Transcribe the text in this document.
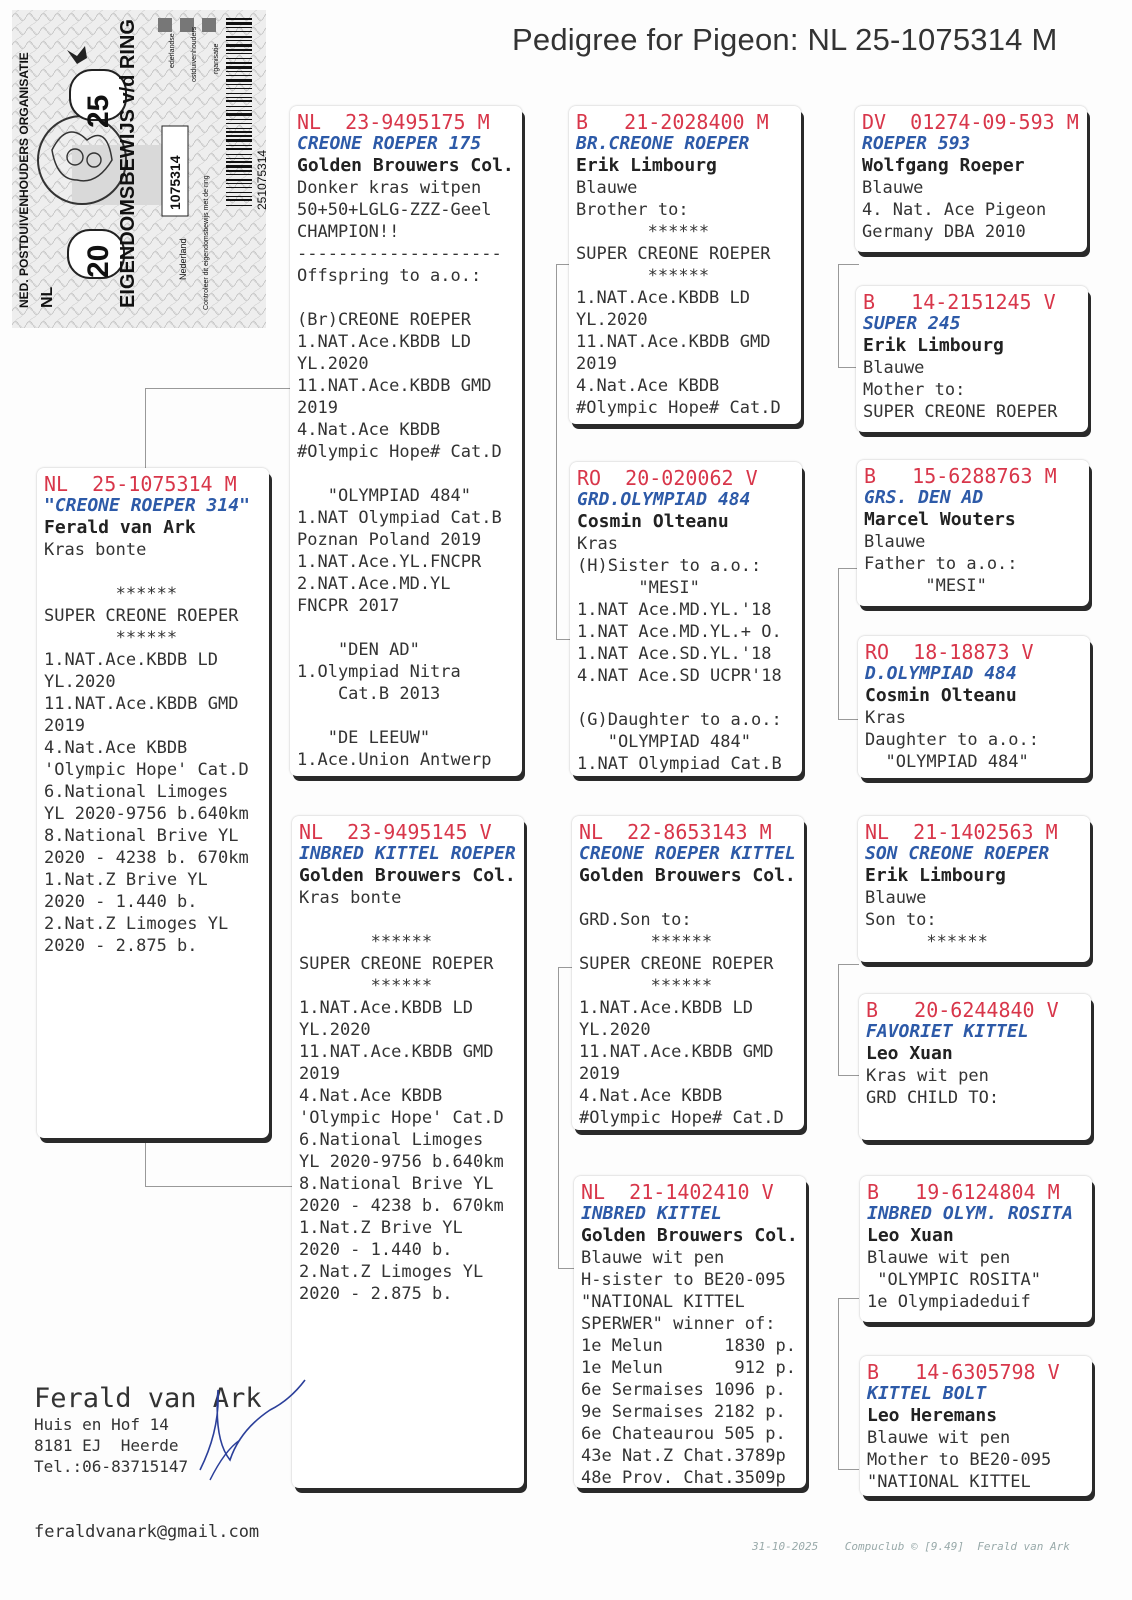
25
20
NED. POSTDUIVENHOUDERS ORGANISATIE NL	EIGENDOMSBEWIJS v/d RING 1075314
Nederland Controleer dit eigendomsbewijs met de ring
ederlandse ostduivenhouders rganisatie
251075314
Pedigree for Pigeon: NL 25-1075314 M
NL  25-1075314 M
"CREONE ROEPER 314"
Ferald van Ark
Kras bonte
******
SUPER CREONE ROEPER
******
1.NAT.Ace.KBDB LD
YL.2020
11.NAT.Ace.KBDB GMD
2019
4.Nat.Ace KBDB
'Olympic Hope' Cat.D
6.National Limoges
YL 2020-9756 b.640km
8.National Brive YL
2020 - 4238 b. 670km
1.Nat.Z Brive YL
2020 - 1.440 b.
2.Nat.Z Limoges YL
2020 - 2.875 b.
NL  23-9495175 M
CREONE ROEPER 175
Golden Brouwers Col.
Donker kras witpen
50+50+LGLG-ZZZ-Geel
CHAMPION!!
--------------------
Offspring to a.o.:
(Br)CREONE ROEPER
1.NAT.Ace.KBDB LD
YL.2020
11.NAT.Ace.KBDB GMD
2019
4.Nat.Ace KBDB
#Olympic Hope# Cat.D
"OLYMPIAD 484"
1.NAT Olympiad Cat.B
Poznan Poland 2019
1.NAT.Ace.YL.FNCPR
2.NAT.Ace.MD.YL
FNCPR 2017
"DEN AD"
1.Olympiad Nitra
Cat.B 2013
"DE LEEUW"
1.Ace.Union Antwerp
NL  23-9495145 V
INBRED KITTEL ROEPER
Golden Brouwers Col.
Kras bonte
******
SUPER CREONE ROEPER
******
1.NAT.Ace.KBDB LD
YL.2020
11.NAT.Ace.KBDB GMD
2019
4.Nat.Ace KBDB
'Olympic Hope' Cat.D
6.National Limoges
YL 2020-9756 b.640km
8.National Brive YL
2020 - 4238 b. 670km
1.Nat.Z Brive YL
2020 - 1.440 b.
2.Nat.Z Limoges YL
2020 - 2.875 b.
B   21-2028400 M
BR.CREONE ROEPER
Erik Limbourg
Blauwe
Brother to:
******
SUPER CREONE ROEPER
******
1.NAT.Ace.KBDB LD
YL.2020
11.NAT.Ace.KBDB GMD
2019
4.Nat.Ace KBDB
#Olympic Hope# Cat.D
RO  20-020062 V
GRD.OLYMPIAD 484
Cosmin Olteanu
Kras
(H)Sister to a.o.:
"MESI"
1.NAT Ace.MD.YL.'18
1.NAT Ace.MD.YL.+ O.
1.NAT Ace.SD.YL.'18
4.NAT Ace.SD UCPR'18
(G)Daughter to a.o.:
"OLYMPIAD 484"
1.NAT Olympiad Cat.B
NL  22-8653143 M
CREONE ROEPER KITTEL
Golden Brouwers Col.
GRD.Son to:
******
SUPER CREONE ROEPER
******
1.NAT.Ace.KBDB LD
YL.2020
11.NAT.Ace.KBDB GMD
2019
4.Nat.Ace KBDB
#Olympic Hope# Cat.D
NL  21-1402410 V
INBRED KITTEL
Golden Brouwers Col.
Blauwe wit pen
H-sister to BE20-095
"NATIONAL KITTEL
SPERWER" winner of:
1e Melun      1830 p.
1e Melun       912 p.
6e Sermaises 1096 p.
9e Sermaises 2182 p.
6e Chateaurou 505 p.
43e Nat.Z Chat.3789p
48e Prov. Chat.3509p
DV  01274-09-593 M
ROEPER 593
Wolfgang Roeper
Blauwe
4. Nat. Ace Pigeon
Germany DBA 2010
B   14-2151245 V
SUPER 245
Erik Limbourg
Blauwe
Mother to:
SUPER CREONE ROEPER
B   15-6288763 M
GRS. DEN AD
Marcel Wouters
Blauwe
Father to a.o.:
"MESI"
RO  18-18873 V
D.OLYMPIAD 484
Cosmin Olteanu
Kras
Daughter to a.o.:
"OLYMPIAD 484"
NL  21-1402563 M
SON CREONE ROEPER
Erik Limbourg
Blauwe
Son to:
******
B   20-6244840 V
FAVORIET KITTEL
Leo Xuan
Kras wit pen
GRD CHILD TO:
B   19-6124804 M
INBRED OLYM. ROSITA
Leo Xuan
Blauwe wit pen
"OLYMPIC ROSITA"
1e Olympiadeduif
B   14-6305798 V
KITTEL BOLT
Leo Heremans
Blauwe wit pen
Mother to BE20-095
"NATIONAL KITTEL
Ferald van Ark
Huis en Hof 14
8181 EJ  Heerde
Tel.:06-83715147
feraldvanark@gmail.com
31-10-2025 Compuclub © [9.49] Ferald van Ark
